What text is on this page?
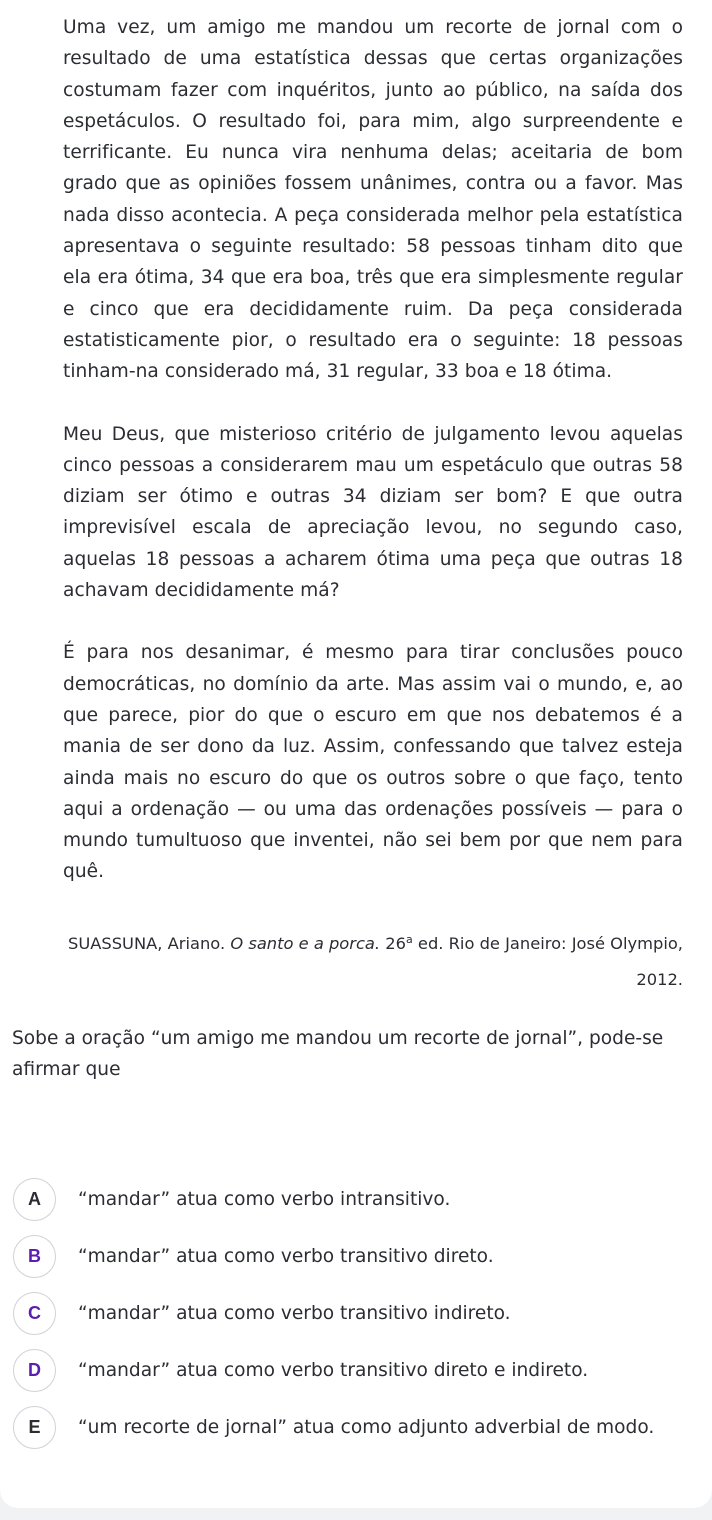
Uma vez, um amigo me mandou um recorte de jornal com o resultado de uma estatística dessas que certas organizações costumam fazer com inquéritos, junto ao público, na saída dos espetáculos. O resultado foi, para mim, algo surpreendente e terrificante. Eu nunca vira nenhuma delas; aceitaria de bom grado que as opiniões fossem unânimes, contra ou a favor. Mas nada disso acontecia. A peça considerada melhor pela estatística apresentava o seguinte resultado: 58 pessoas tinham dito que ela era ótima, 34 que era boa, três que era simplesmente regular e cinco que era decididamente ruim. Da peça considerada estatisticamente pior, o resultado era o seguinte: 18 pessoas tinham-na considerado má, 31 regular, 33 boa e 18 ótima.

Meu Deus, que misterioso critério de julgamento levou aquelas cinco pessoas a considerarem mau um espetáculo que outras 58 diziam ser ótimo e outras 34 diziam ser bom? E que outra imprevisível escala de apreciação levou, no segundo caso, aquelas 18 pessoas a acharem ótima uma peça que outras 18 achavam decididamente má?

É para nos desanimar, é mesmo para tirar conclusões pouco democráticas, no domínio da arte. Mas assim vai o mundo, e, ao que parece, pior do que o escuro em que nos debatemos é a mania de ser dono da luz. Assim, confessando que talvez esteja ainda mais no escuro do que os outros sobre o que faço, tento aqui a ordenação — ou uma das ordenações possíveis — para o mundo tumultuoso que inventei, não sei bem por que nem para quê.

SUASSUNA, Ariano. O santo e a porca. 26$^a$ ed. Rio de Janeiro: José Olympio,
2012.
Sobe a oração “um amigo me mandou um recorte de jornal”, pode-se afirmar que
A	“mandar” atua como verbo intransitivo.
B	“mandar” atua como verbo transitivo direto.
C	“mandar” atua como verbo transitivo indireto.
D	“mandar” atua como verbo transitivo direto e indireto.
E	“um recorte de jornal” atua como adjunto adverbial de modo.
